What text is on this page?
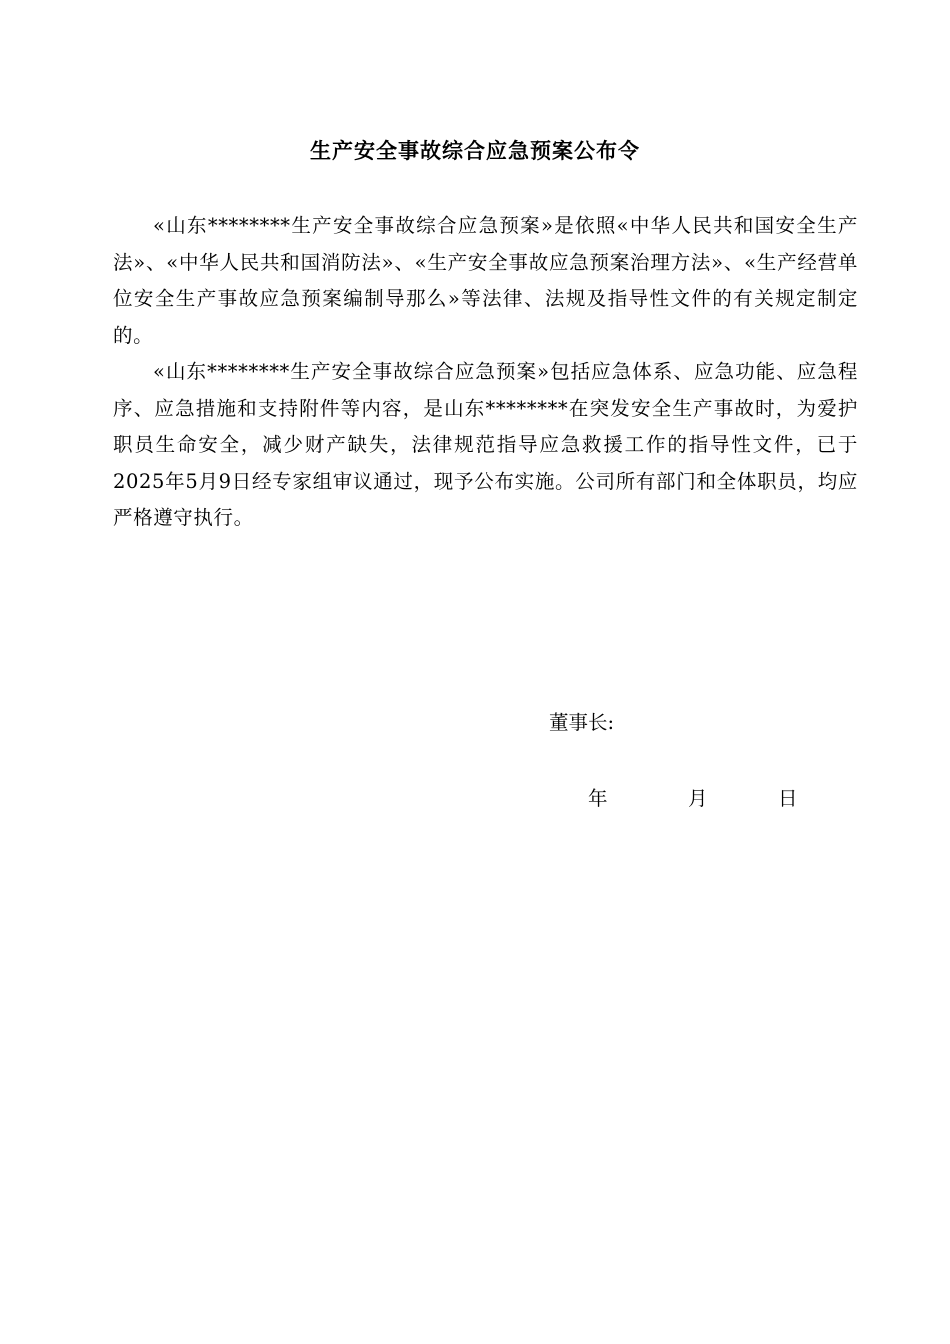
生产安全事故综合应急预案公布令

«山东********生产安全事故综合应急预案»是依照«中华人民共和国安全生产法»、«中华人民共和国消防法»、«生产安全事故应急预案治理方法»、«生产经营单位安全生产事故应急预案编制导那么»等法律、法规及指导性文件的有关规定制定的。

«山东********生产安全事故综合应急预案»包括应急体系、应急功能、应急程序、应急措施和支持附件等内容，是山东********在突发安全生产事故时，为爱护职员生命安全，减少财产缺失，法律规范指导应急救援工作的指导性文件，已于2025年5月9日经专家组审议通过，现予公布实施。公司所有部门和全体职员，均应严格遵守执行。

董事长:

年	月	日
